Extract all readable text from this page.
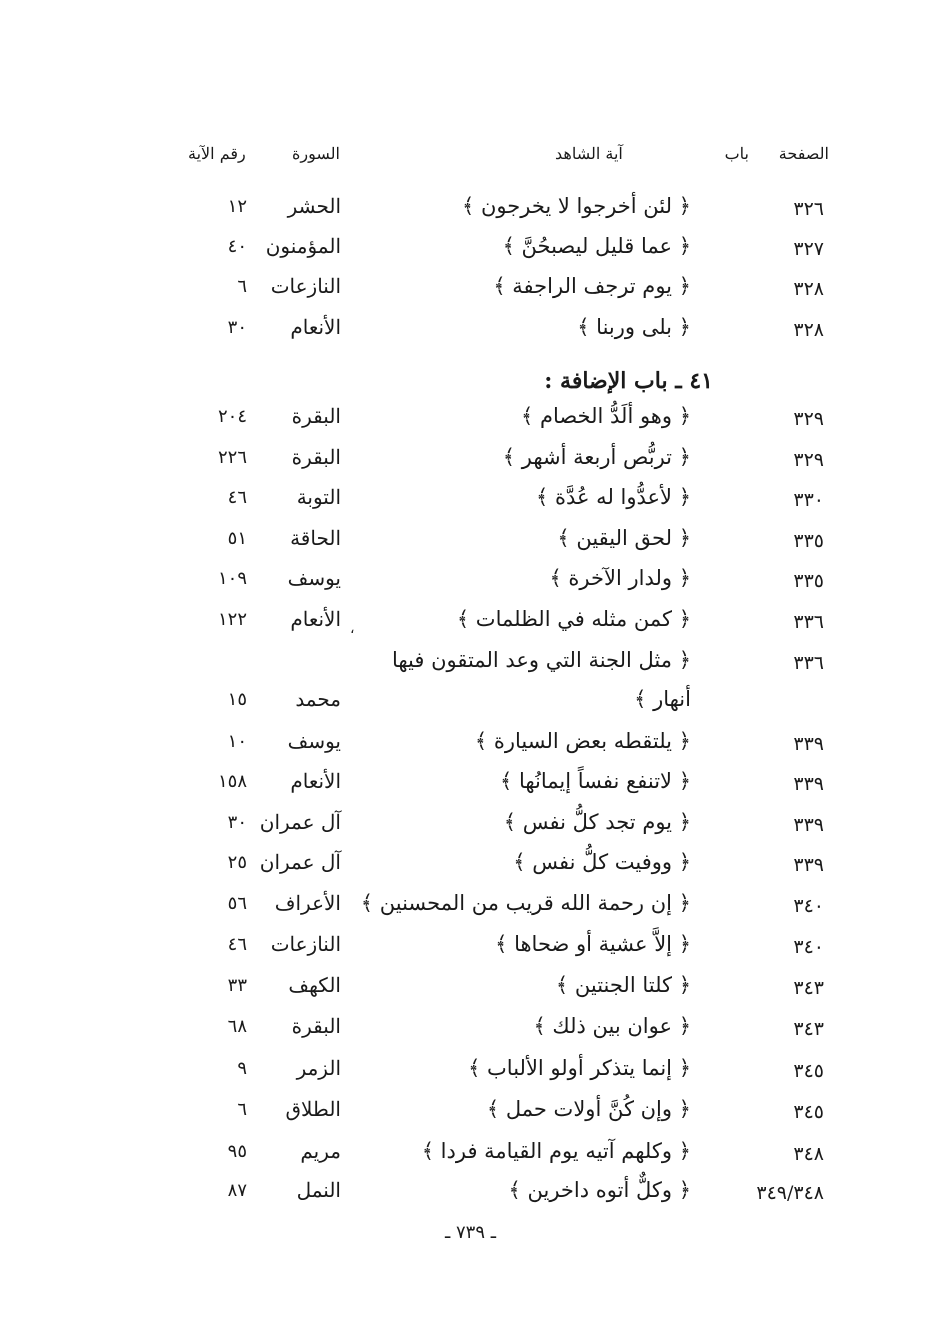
الصفحة
باب
آية الشاهد
السورة
رقم الآية
٤١ ـ باب الإضافة :
٣٢٦
﴿ لئن أخرجوا لا يخرجون ﴾
الحشر
١٢
٣٢٧
﴿ عما قليل ليصبحُنَّ ﴾
المؤمنون
٤٠
٣٢٨
﴿ يوم ترجف الراجفة ﴾
النازعات
٦
٣٢٨
﴿ بلى وربنا ﴾
الأنعام
٣٠
٣٢٩
﴿ وهو ألَدُّ الخصام ﴾
البقرة
٢٠٤
٣٢٩
﴿ تربُّص أربعة أشهر ﴾
البقرة
٢٢٦
٣٣٠
﴿ لأعدُّوا له عُدَّة ﴾
التوبة
٤٦
٣٣٥
﴿ لحق اليقين ﴾
الحاقة
٥١
٣٣٥
﴿ ولدار الآخرة ﴾
يوسف
١٠٩
٣٣٦
﴿ كمن مثله في الظلمات ﴾
الأنعام
١٢٢	،
٣٣٦
﴿ مثل الجنة التي وعد المتقون فيها
أنهار ﴾
محمد
١٥
٣٣٩
﴿ يلتقطه بعض السيارة ﴾
يوسف
١٠
٣٣٩
﴿ لاتنفع نفساً إيمانُها ﴾
الأنعام
١٥٨
٣٣٩
﴿ يوم تجد كلُّ نفس ﴾
آل عمران
٣٠
٣٣٩
﴿ ووفيت كلُّ نفس ﴾
آل عمران
٢٥
٣٤٠
﴿ إن رحمة الله قريب من المحسنين ﴾
الأعراف
٥٦
٣٤٠
﴿ إلاَّ عشية أو ضحاها ﴾
النازعات
٤٦
٣٤٣
﴿ كلتا الجنتين ﴾
الكهف
٣٣
٣٤٣
﴿ عوان بين ذلك ﴾
البقرة
٦٨
٣٤٥
﴿ إنما يتذكر أولو الألباب ﴾
الزمر
٩
٣٤٥
﴿ وإن كُنَّ أولات حمل ﴾
الطلاق
٦
٣٤٨
﴿ وكلهم آتيه يوم القيامة فردا ﴾
مريم
٩٥
٣٤٩/٣٤٨
﴿ وكلٌّ أتوه داخرين ﴾
النمل
٨٧
ـ ٧٣٩ ـ
